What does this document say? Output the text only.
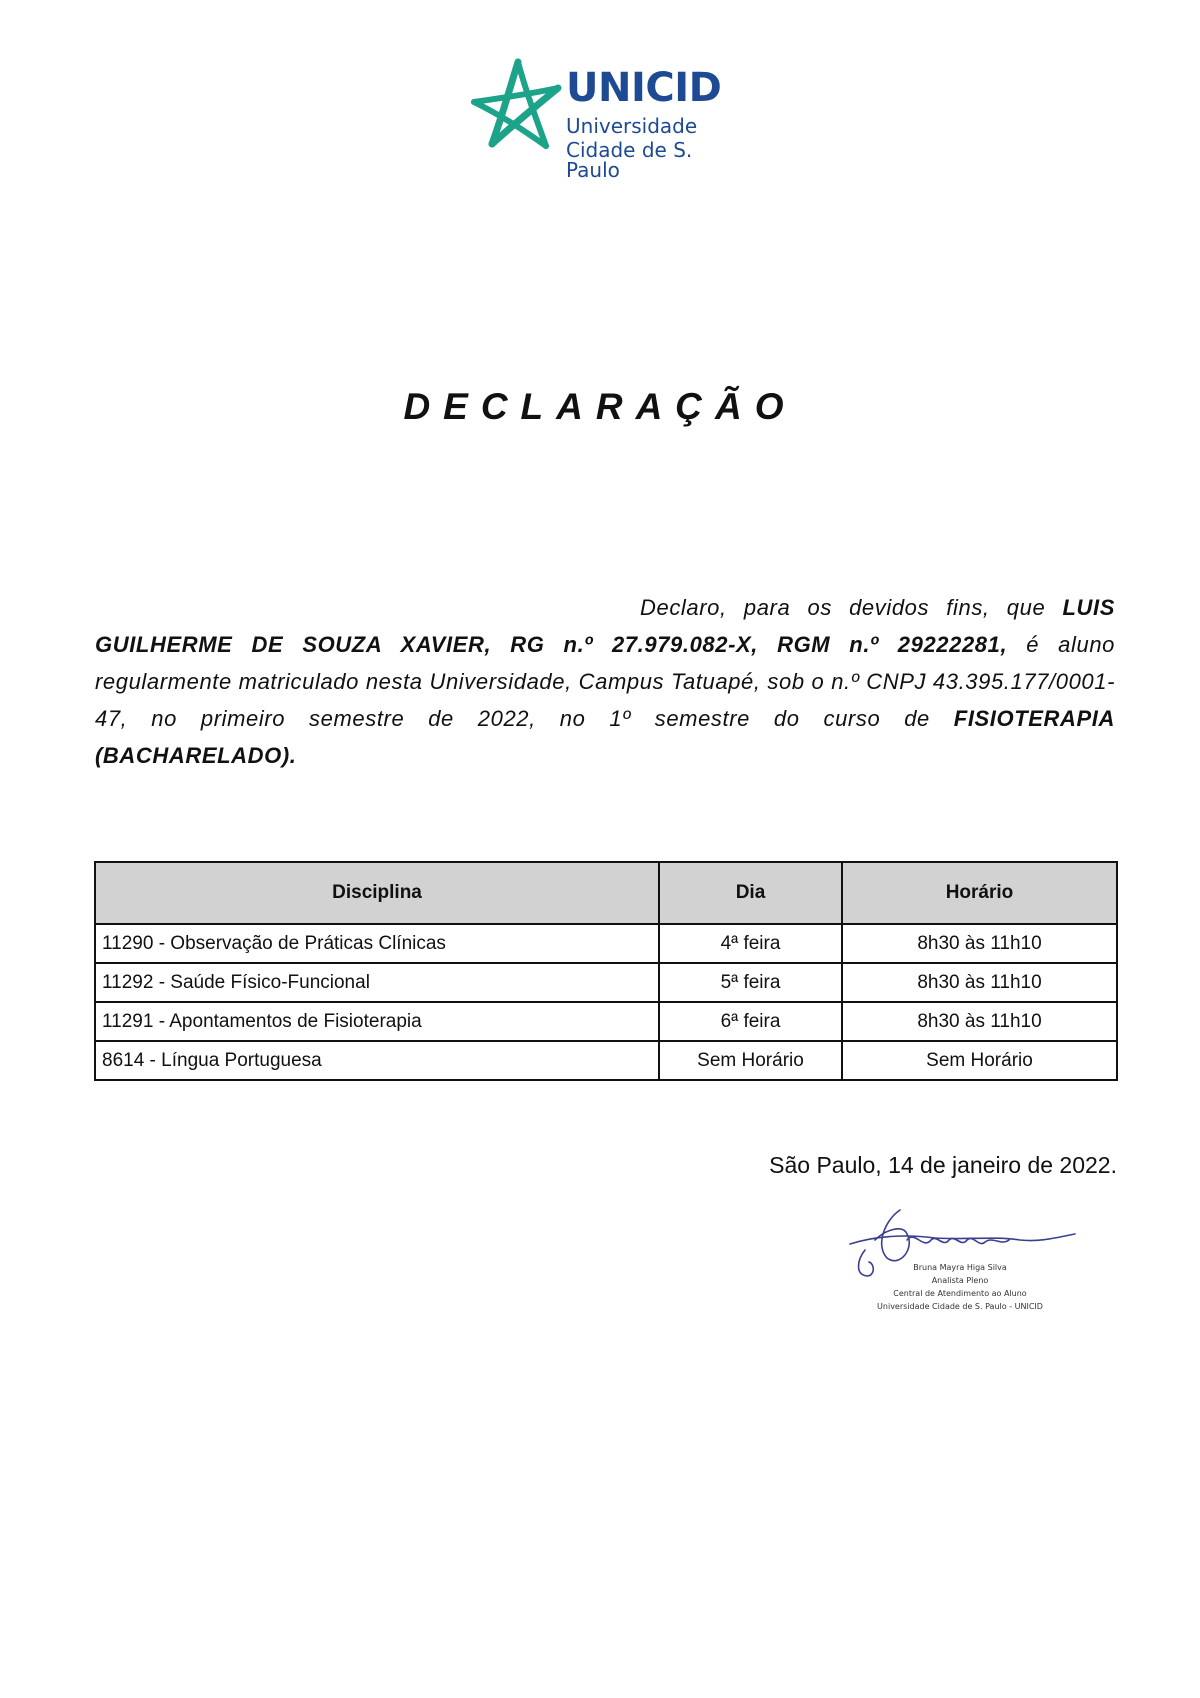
UNICID
Universidade
Cidade de S. Paulo
DECLARAÇÃO

Declaro, para os devidos fins, que LUIS GUILHERME DE SOUZA XAVIER, RG n.º 27.979.082-X, RGM n.º 29222281, é aluno regularmente matriculado nesta Universidade, Campus Tatuapé, sob o n.º CNPJ 43.395.177/0001-47, no primeiro semestre de 2022, no 1º semestre do curso de FISIOTERAPIA (BACHARELADO).

Disciplina	Dia	Horário
11290 - Observação de Práticas Clínicas	4ª feira	8h30 às 11h10
11292 - Saúde Físico-Funcional	5ª feira	8h30 às 11h10
11291 - Apontamentos de Fisioterapia	6ª feira	8h30 às 11h10
8614 - Língua Portuguesa	Sem Horário	Sem Horário
São Paulo, 14 de janeiro de 2022.
Bruna Mayra Higa Silva
Analista Pleno
Central de Atendimento ao Aluno
Universidade Cidade de S. Paulo - UNICID
